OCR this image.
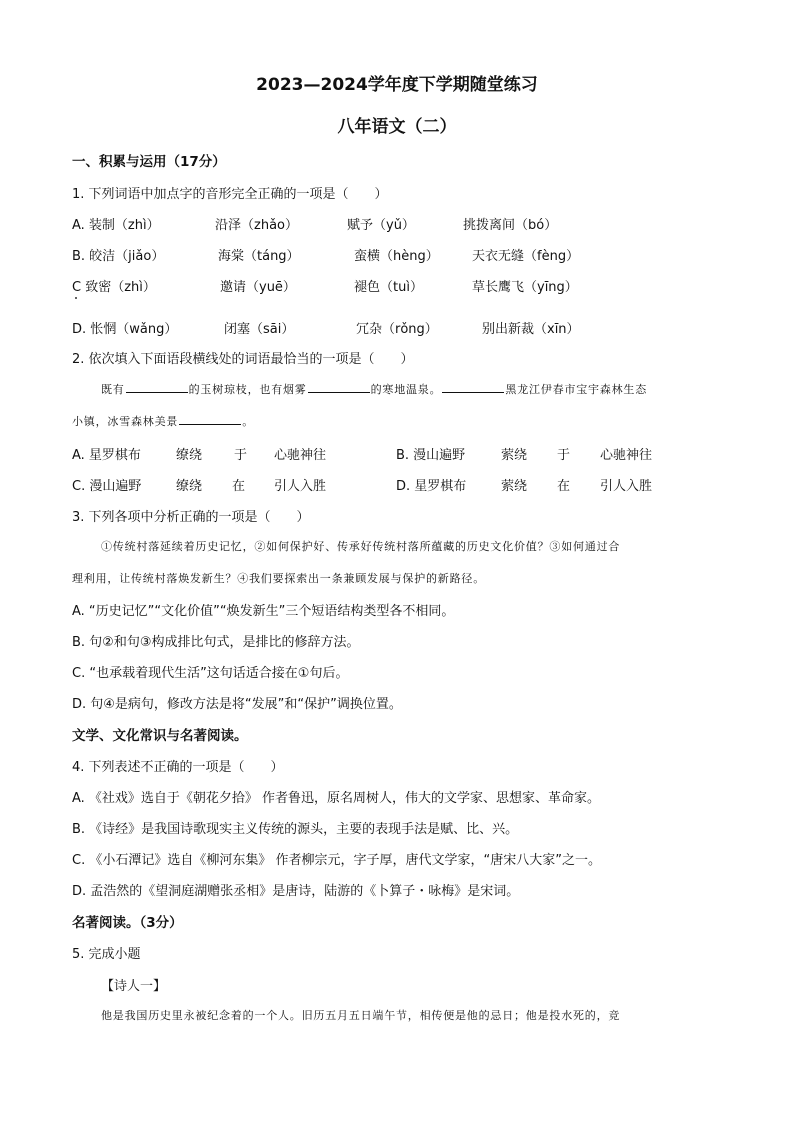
2023—2024学年度下学期随堂练习
八年语文（二）
一、积累与运用（17分）
1. 下列词语中加点字的音形完全正确的一项是（　　）
A. 装制（zhì）	沿泽（zhǎo）	赋予（yǔ）	挑拨离间（bó）
B. 皎洁（jiǎo）	海棠（táng）	蛮横（hèng）	天衣无缝（fèng）
C 致密（zhì）	邀请（yuē）	褪色（tuì）	草长鹰飞（yīng）
D. 怅惘（wǎng）	闭塞（sāi）	冗杂（rǒng）	别出新裁（xīn）
2. 依次填入下面语段横线处的词语最恰当的一项是（　　）
既有	的玉树琼枝，也有烟雾	的寒地温泉。	黑龙江伊春市宝宇森林生态
小镇，冰雪森林美景	。
A. 星罗棋布	缭绕 于 心驰神往	B. 漫山遍野	萦绕 于 心驰神往
C. 漫山遍野	缭绕 在 引人入胜	D. 星罗棋布	萦绕 在 引人入胜
3. 下列各项中分析正确的一项是（　　）
①传统村落延续着历史记忆，②如何保护好、传承好传统村落所蕴藏的历史文化价值？③如何通过合
理利用，让传统村落焕发新生？④我们要探索出一条兼顾发展与保护的新路径。
A. “历史记忆”“文化价值”“焕发新生”三个短语结构类型各不相同。
B. 句②和句③构成排比句式，是排比的修辞方法。
C. “也承载着现代生活”这句话适合接在①句后。
D. 句④是病句，修改方法是将“发展”和“保护”调换位置。
文学、文化常识与名著阅读。
4. 下列表述不正确的一项是（　　）
A. 《社戏》选自于《朝花夕拾》 作者鲁迅，原名周树人，伟大的文学家、思想家、革命家。
B. 《诗经》是我国诗歌现实主义传统的源头，主要的表现手法是赋、比、兴。
C. 《小石潭记》选自《柳河东集》 作者柳宗元，字子厚，唐代文学家，“唐宋八大家”之一。
D. 孟浩然的《望洞庭湖赠张丞相》是唐诗，陆游的《卜算子・咏梅》是宋词。
名著阅读。（3分）
5. 完成小题
【诗人一】
他是我国历史里永被纪念着的一个人。旧历五月五日端午节，相传便是他的忌日；他是投水死的，竞
